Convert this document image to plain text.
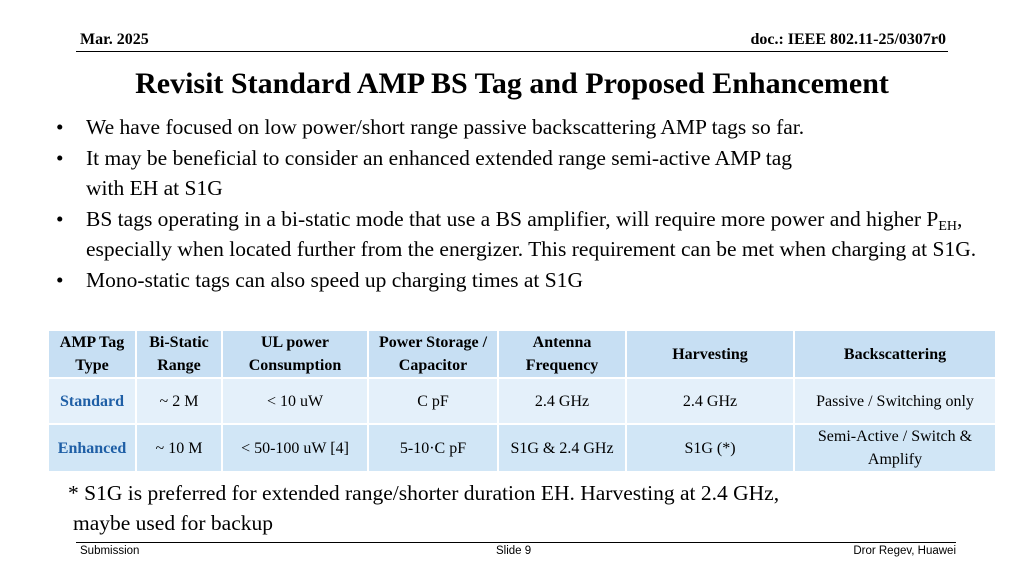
Mar. 2025	doc.: IEEE 802.11-25/0307r0
Revisit Standard AMP BS Tag and Proposed Enhancement
• We have focused on low power/short range passive backscattering AMP tags so far.
• It may be beneficial to consider an enhanced extended range semi-active AMP tag
with EH at S1G
• BS tags operating in a bi-static mode that use a BS amplifier, will require more power and higher $P_{EH}$, especially when located further from the energizer. This requirement can be met when charging at S1G.
• Mono-static tags can also speed up charging times at S1G
AMP Tag Type	Bi-Static Range	UL power Consumption	Power Storage / Capacitor	Antenna Frequency	Harvesting	Backscattering
Standard	~ 2 M	< 10 uW	C pF	2.4 GHz	2.4 GHz	Passive / Switching only
Enhanced	~ 10 M	< 50-100 uW [4]	5-10·C pF	S1G & 2.4 GHz	S1G (*)	Semi-Active / Switch & Amplify
* S1G is preferred for extended range/shorter duration EH. Harvesting at 2.4 GHz,
maybe used for backup
Submission	Slide 9	Dror Regev, Huawei
